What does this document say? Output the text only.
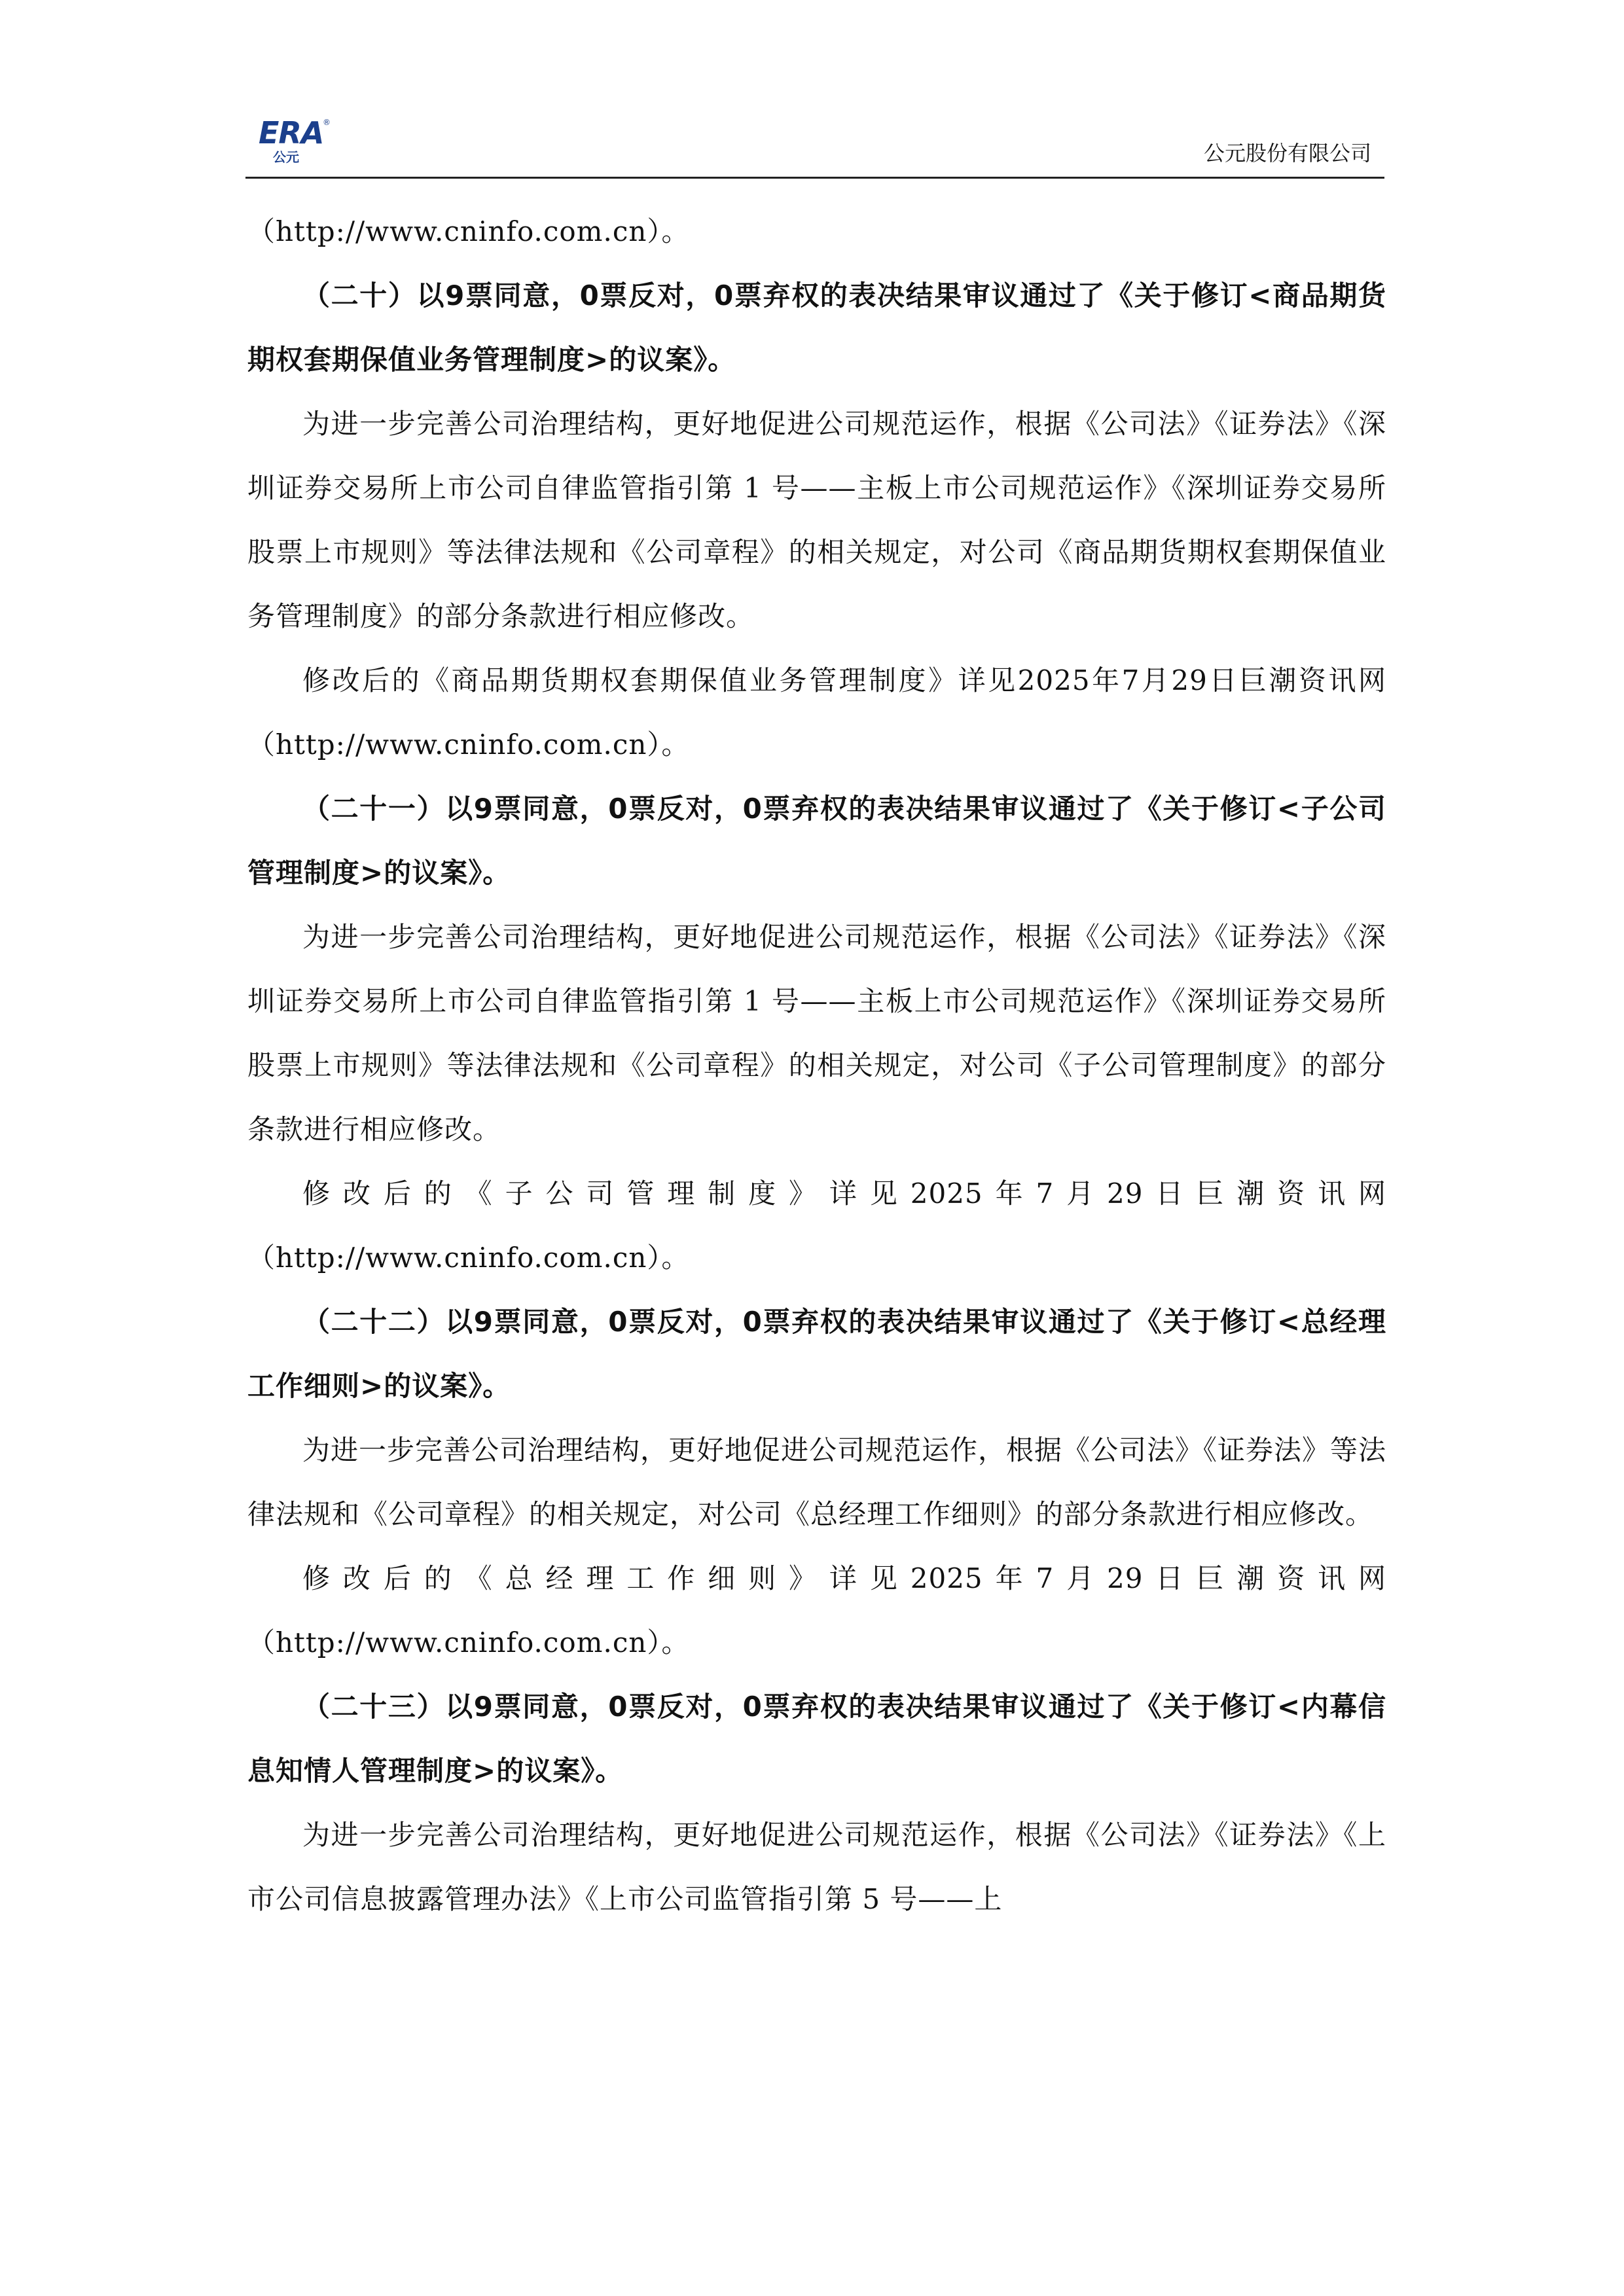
ERA
®
公元	公元股份有限公司

（http://www.cninfo.com.cn）。

（二十）以9票同意，0票反对，0票弃权的表决结果审议通过了《关于修订<商品期货期权套期保值业务管理制度>的议案》。

为进一步完善公司治理结构，更好地促进公司规范运作，根据《公司法》《证券法》《深圳证券交易所上市公司自律监管指引第 1 号——主板上市公司规范运作》《深圳证券交易所股票上市规则》等法律法规和《公司章程》的相关规定，对公司《商品期货期权套期保值业务管理制度》的部分条款进行相应修改。

修改后的《商品期货期权套期保值业务管理制度》详见2025年7月29日巨潮资讯网（http://www.cninfo.com.cn）。

（二十一）以9票同意，0票反对，0票弃权的表决结果审议通过了《关于修订<子公司管理制度>的议案》。

为进一步完善公司治理结构，更好地促进公司规范运作，根据《公司法》《证券法》《深圳证券交易所上市公司自律监管指引第 1 号——主板上市公司规范运作》《深圳证券交易所股票上市规则》等法律法规和《公司章程》的相关规定，对公司《子公司管理制度》的部分条款进行相应修改。

修改后的《子公司管理制度》详见2025年7月29日巨潮资讯网（http://www.cninfo.com.cn）。

（二十二）以9票同意，0票反对，0票弃权的表决结果审议通过了《关于修订<总经理工作细则>的议案》。

为进一步完善公司治理结构，更好地促进公司规范运作，根据《公司法》《证券法》等法律法规和《公司章程》的相关规定，对公司《总经理工作细则》的部分条款进行相应修改。

修改后的《总经理工作细则》详见2025年7月29日巨潮资讯网（http://www.cninfo.com.cn）。

（二十三）以9票同意，0票反对，0票弃权的表决结果审议通过了《关于修订<内幕信息知情人管理制度>的议案》。

为进一步完善公司治理结构，更好地促进公司规范运作，根据《公司法》《证券法》《上市公司信息披露管理办法》《上市公司监管指引第 5 号——上
